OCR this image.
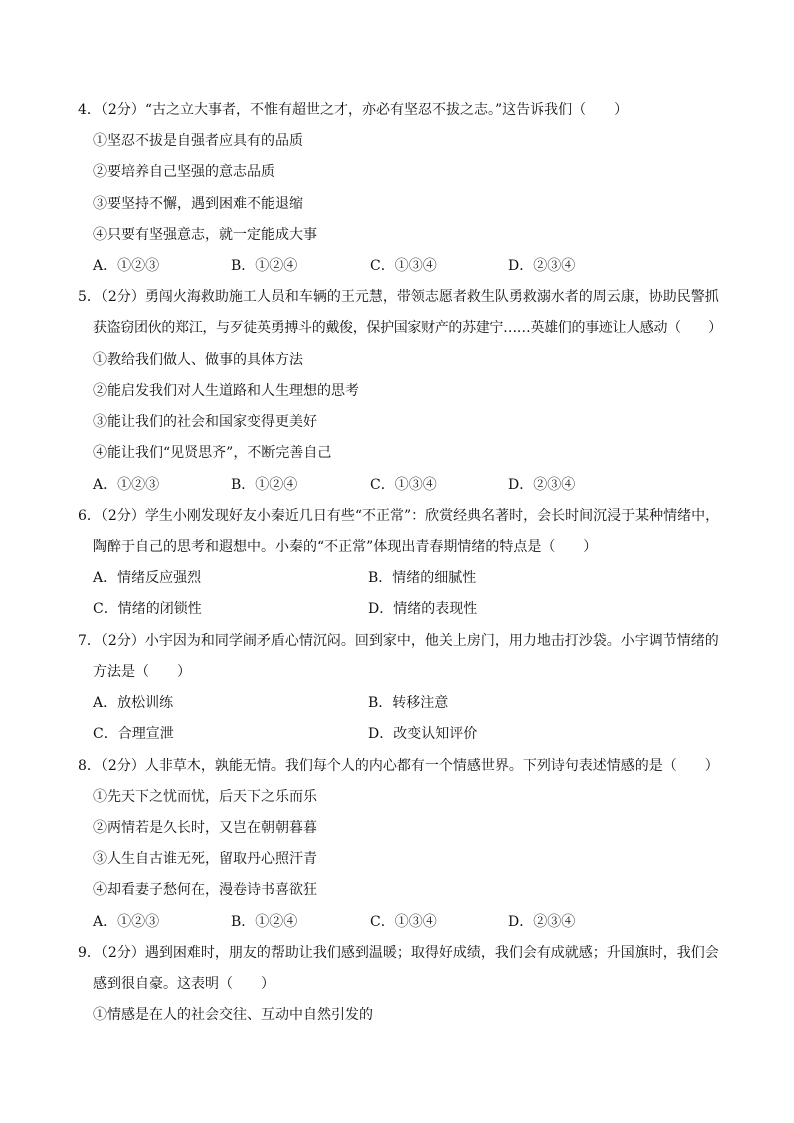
4．（2分）“古之立大事者，不惟有超世之才，亦必有坚忍不拔之志。”这告诉我们（　　）
①坚忍不拔是自强者应具有的品质
②要培养自己坚强的意志品质
③要坚持不懈，遇到困难不能退缩
④只要有坚强意志，就一定能成大事
A．①②③	B．①②④	C．①③④	D．②③④
5．（2分）勇闯火海救助施工人员和车辆的王元慧，带领志愿者救生队勇救溺水者的周云康，协助民警抓
获盗窃团伙的郑江，与歹徒英勇搏斗的戴俊，保护国家财产的苏建宁……英雄们的事迹让人感动（　　）
①教给我们做人、做事的具体方法
②能启发我们对人生道路和人生理想的思考
③能让我们的社会和国家变得更美好
④能让我们“见贤思齐”，不断完善自己
A．①②③	B．①②④	C．①③④	D．②③④
6．（2分）学生小刚发现好友小秦近几日有些“不正常”：欣赏经典名著时，会长时间沉浸于某种情绪中，
陶醉于自己的思考和遐想中。小秦的“不正常”体现出青春期情绪的特点是（　　）
A．情绪反应强烈	B．情绪的细腻性
C．情绪的闭锁性	D．情绪的表现性
7．（2分）小宇因为和同学闹矛盾心情沉闷。回到家中，他关上房门，用力地击打沙袋。小宇调节情绪的
方法是（　　）
A．放松训练	B．转移注意
C．合理宣泄	D．改变认知评价
8．（2分）人非草木，孰能无情。我们每个人的内心都有一个情感世界。下列诗句表述情感的是（　　）
①先天下之忧而忧，后天下之乐而乐
②两情若是久长时，又岂在朝朝暮暮
③人生自古谁无死，留取丹心照汗青
④却看妻子愁何在，漫卷诗书喜欲狂
A．①②③	B．①②④	C．①③④	D．②③④
9．（2分）遇到困难时，朋友的帮助让我们感到温暖；取得好成绩，我们会有成就感；升国旗时，我们会
感到很自豪。这表明（　　）
①情感是在人的社会交往、互动中自然引发的
